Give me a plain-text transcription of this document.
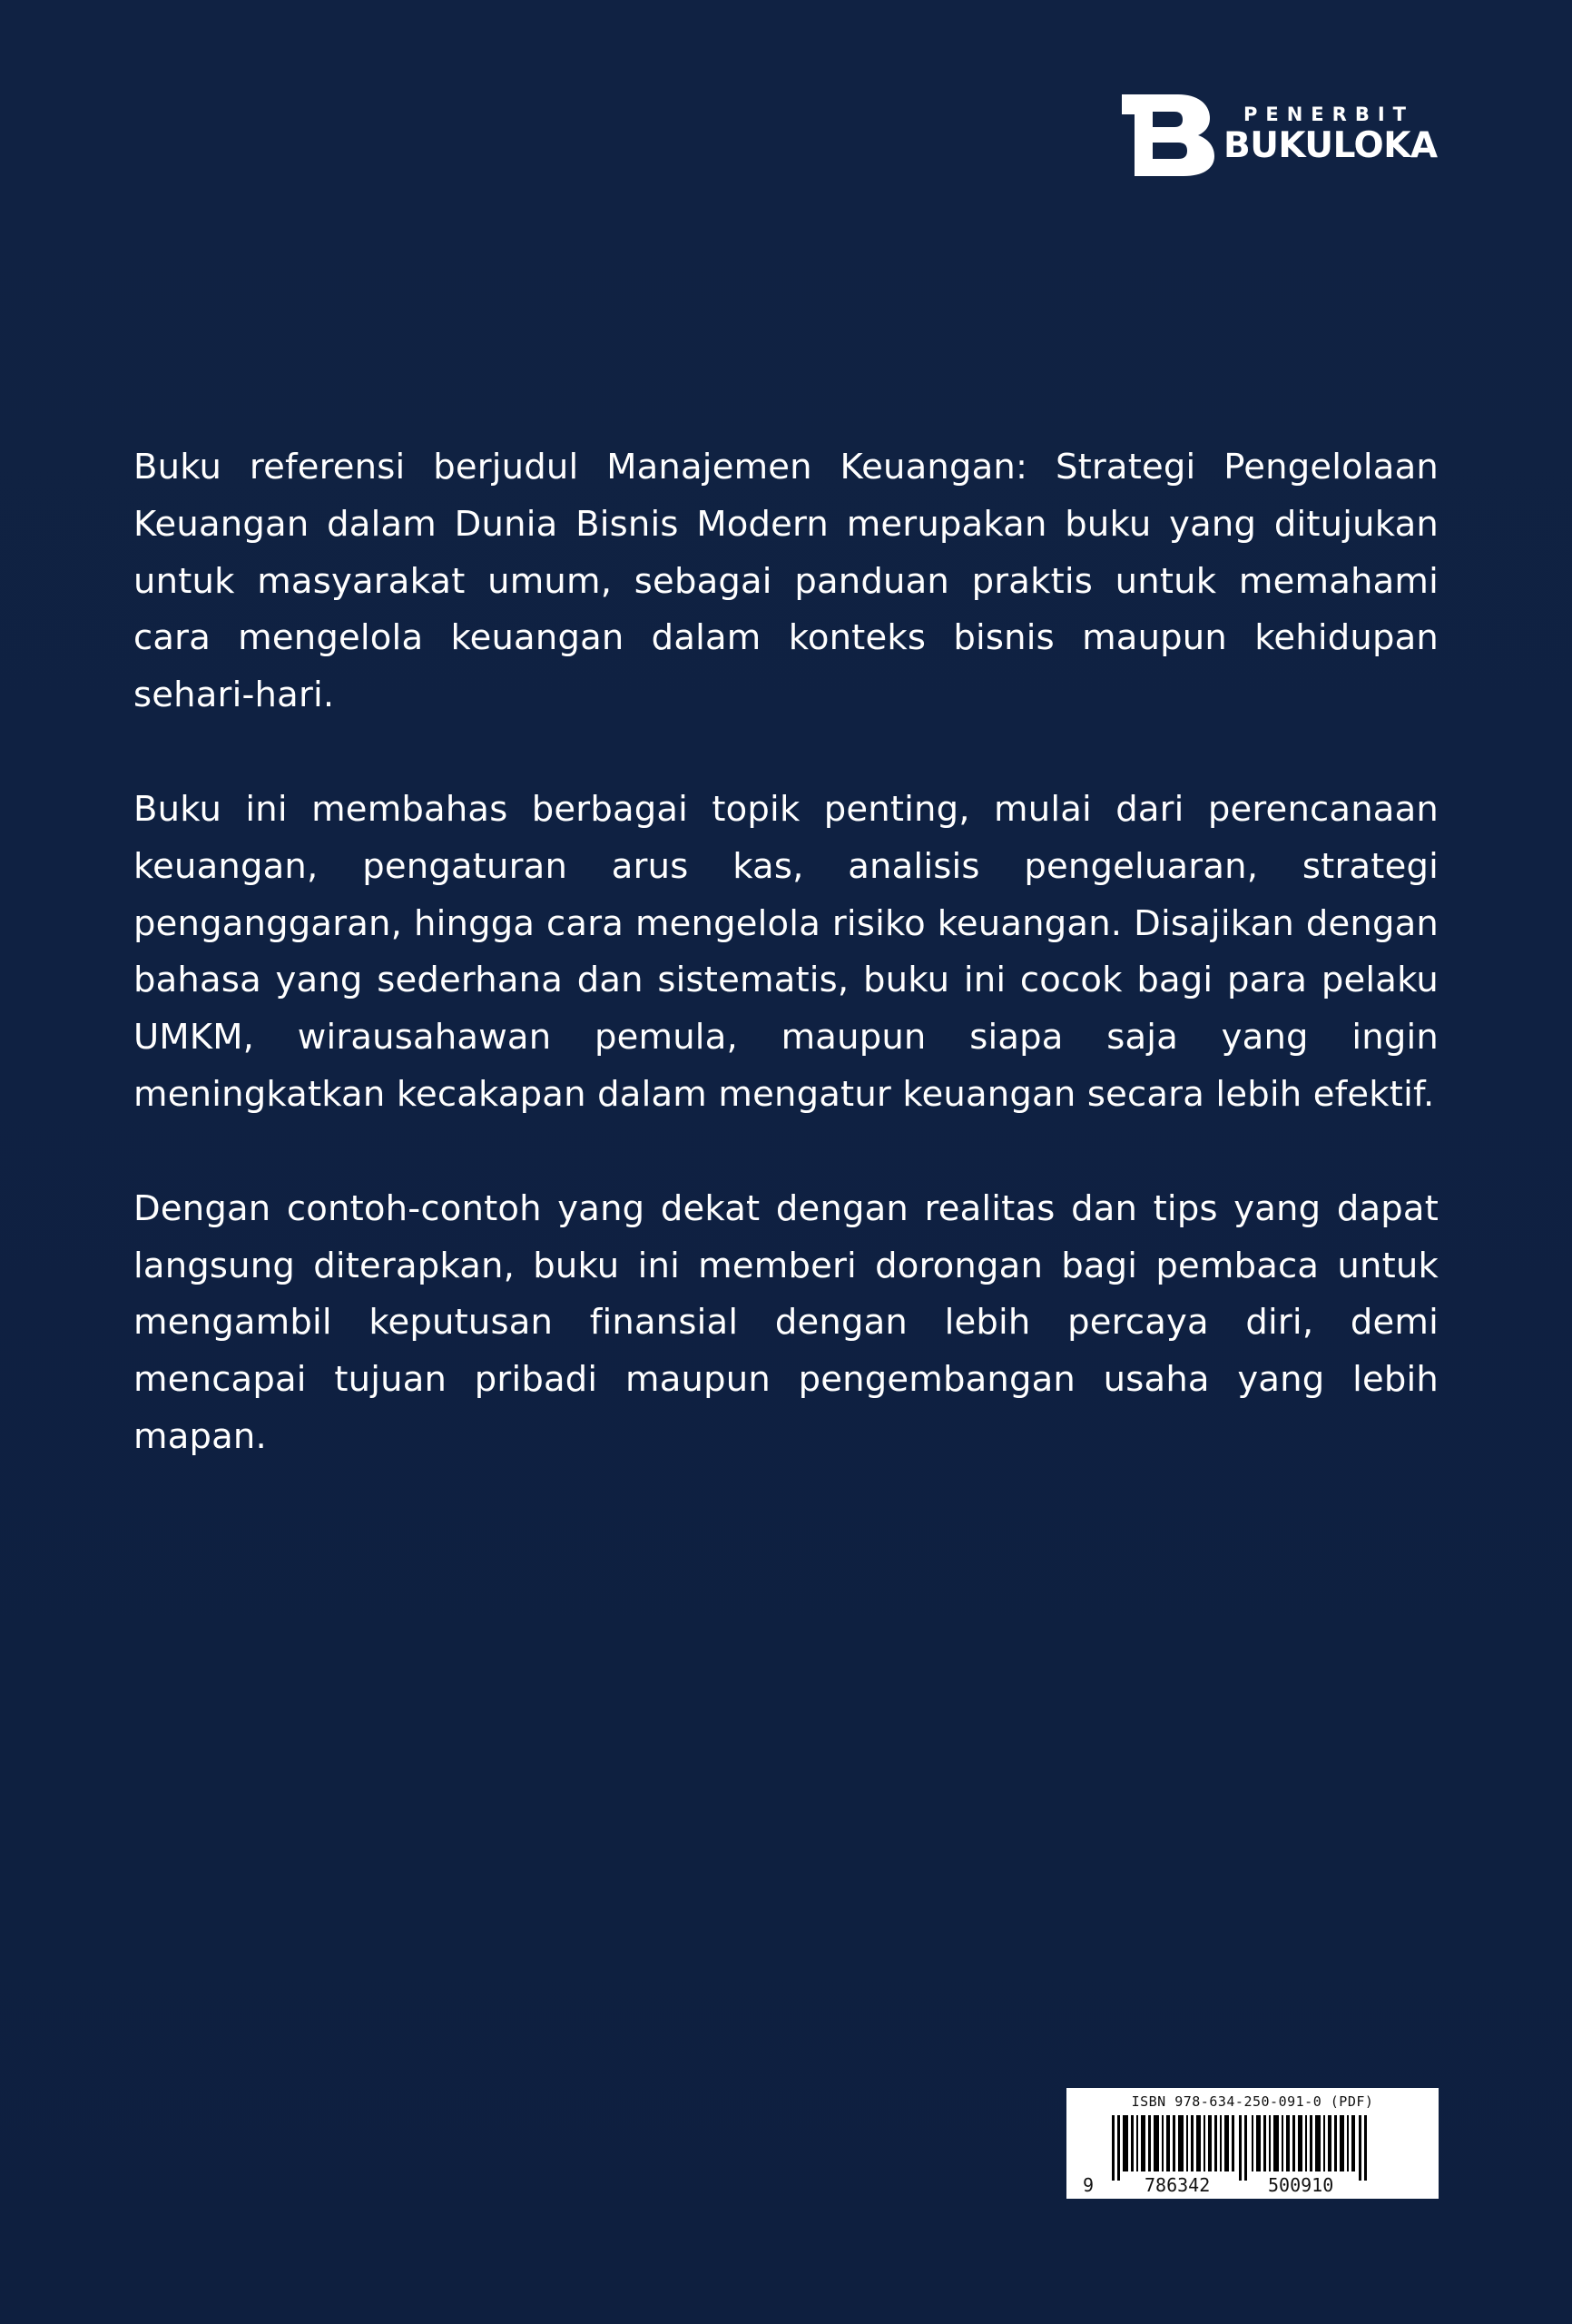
PENERBIT
BUKULOKA

Buku referensi berjudul Manajemen Keuangan: Strategi Pengelolaan Keuangan dalam Dunia Bisnis Modern merupakan buku yang ditujukan untuk masyarakat umum, sebagai panduan praktis untuk memahami cara mengelola keuangan dalam konteks bisnis maupun kehidupan sehari-hari.

Buku ini membahas berbagai topik penting, mulai dari perencanaan keuangan, pengaturan arus kas, analisis pengeluaran, strategi penganggaran, hingga cara mengelola risiko keuangan. Disajikan dengan bahasa yang sederhana dan sistematis, buku ini cocok bagi para pelaku UMKM, wirausahawan pemula, maupun siapa saja yang ingin meningkatkan kecakapan dalam mengatur keuangan secara lebih efektif.

Dengan contoh-contoh yang dekat dengan realitas dan tips yang dapat langsung diterapkan, buku ini memberi dorongan bagi pembaca untuk mengambil keputusan finansial dengan lebih percaya diri, demi mencapai tujuan pribadi maupun pengembangan usaha yang lebih mapan.

ISBN 978-634-250-091-0 (PDF)
9	786342	500910
